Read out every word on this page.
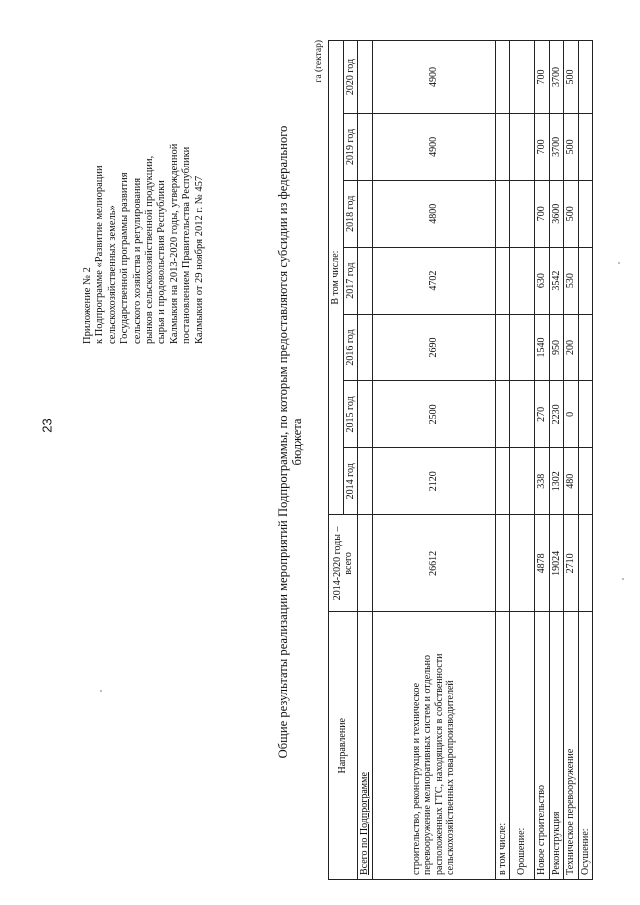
23
Приложение № 2 к Подпрограмме «Развитие мелиорации сельскохозяйственных земель» Государственной программы развития сельского хозяйства и регулирования рынков сельскохозяйственной продукции, сырья и продовольствия Республики Калмыкия на 2013-2020 годы, утвержденной постановлением Правительства Республики Калмыкия от 29 ноября 2012 г. № 457	Общие результаты реализации мероприятий Подпрограммы, по которым предоставляются субсидии из федерального бюджета
га (гектар)
Направление	2014-2020 годы – всего	В том числе:						
		2014 год	2015 год	2016 год	2017 год	2018 год	2019 год	2020 год
Всего по Подпрограмме								
строительство, реконструкция и техническое перевооружение мелиоративных систем и отдельно расположенных ГТС, находящихся в собственности сельскохозяйственных товаропроизводителей	26612	2120	2500	2690	4702	4800	4900	4900
в том числе:								
Орошение:								
Новое строительство	4878	338	270	1540	630	700	700	700
Реконструкция	19024	1302	2230	950	3542	3600	3700	3700
Техническое перевооружение	2710	480	0	200	530	500	500	500
Осушение:								
